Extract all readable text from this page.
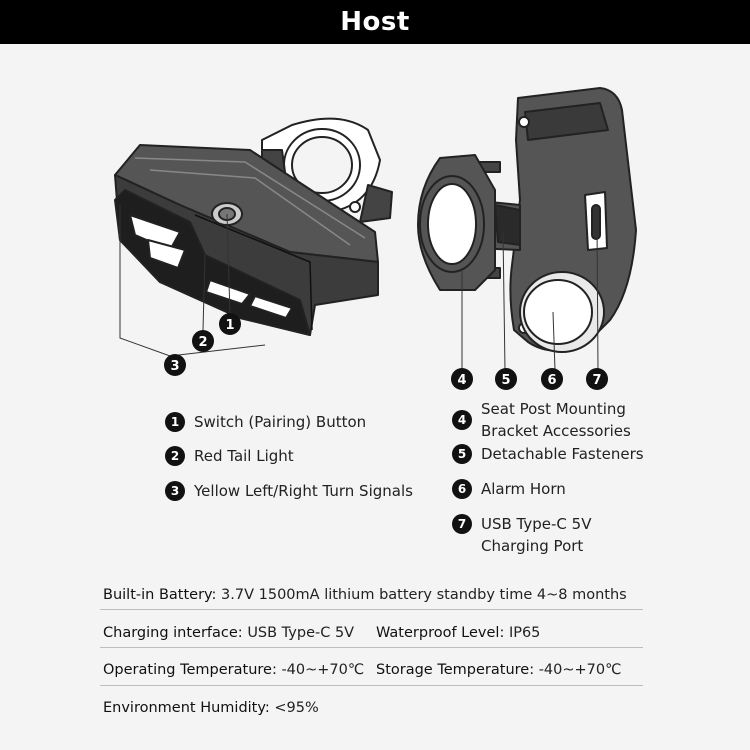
Host
1
2
3
4	5	6	7
1 Switch (Pairing) Button
2 Red Tail Light
3 Yellow Left/Right Turn Signals
4
Seat Post Mounting Bracket Accessories
5 Detachable Fasteners
6 Alarm Horn
7 USB Type-C 5V Charging Port
Built-in Battery: 3.7V 1500mA lithium battery standby time 4~8 months
Charging interface: USB Type-C 5V Waterproof Level: IP65
Operating Temperature: -40~+70℃ Storage Temperature: -40~+70℃
Environment Humidity: <95%
